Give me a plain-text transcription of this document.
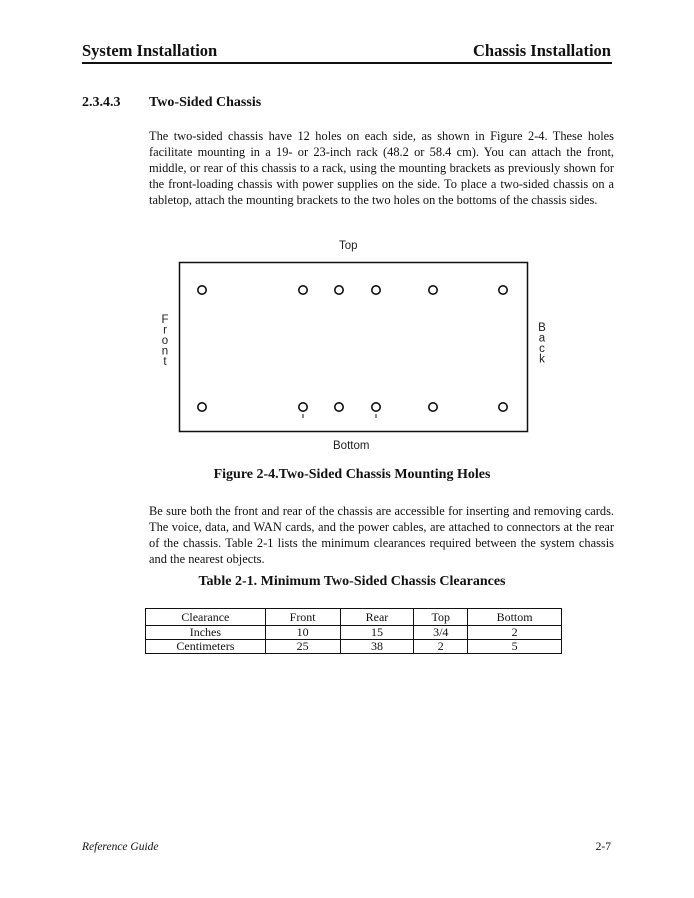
System Installation	Chassis Installation
2.3.4.3 Two-Sided Chassis
The two-sided chassis have 12 holes on each side, as shown in Figure 2-4. These holes facilitate mounting in a 19- or 23-inch rack (48.2 or 58.4 cm). You can attach the front, middle, or rear of this chassis to a rack, using the mounting brackets as previously shown for the front-loading chassis with power supplies on the side. To place a two-sided chassis on a tabletop, attach the mounting brackets to the two holes on the bottoms of the chassis sides.
Top
Bottom
Front	Back
Figure 2-4.Two-Sided Chassis Mounting Holes
Be sure both the front and rear of the chassis are accessible for inserting and removing cards. The voice, data, and WAN cards, and the power cables, are attached to connectors at the rear of the chassis. Table 2-1 lists the minimum clearances required between the system chassis and the nearest objects.
Table 2-1. Minimum Two-Sided Chassis Clearances
Clearance	Front	Rear	Top	Bottom
Inches	10	15	3/4	2
Centimeters	25	38	2	5
Reference Guide	2-7
